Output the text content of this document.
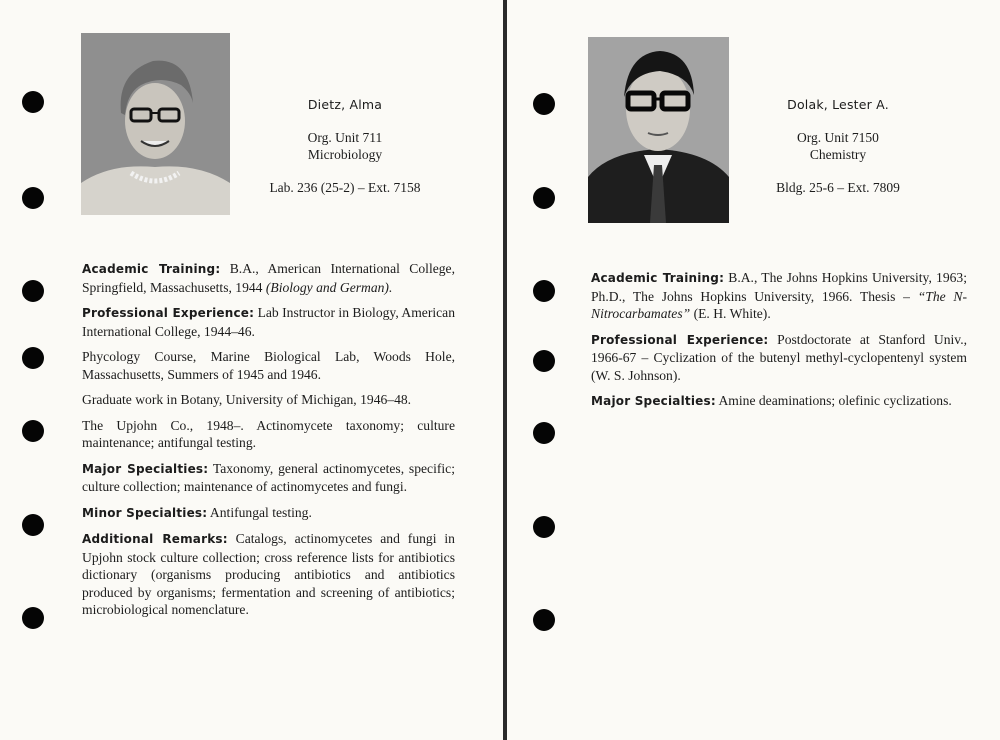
Dietz, Alma
Org. Unit 711
Microbiology
Lab. 236 (25-2) – Ext. 7158

Academic Training: B.A., American International College, Springfield, Massachusetts, 1944 (Biology and German).

Professional Experience: Lab Instructor in Biology, American International College, 1944–46.

Phycology Course, Marine Biological Lab, Woods Hole, Massachusetts, Summers of 1945 and 1946.

Graduate work in Botany, University of Michigan, 1946–48.

The Upjohn Co., 1948–. Actinomycete taxonomy; culture maintenance; antifungal testing.

Major Specialties: Taxonomy, general actinomycetes, specific; culture collection; maintenance of actinomycetes and fungi.

Minor Specialties: Antifungal testing.

Additional Remarks: Catalogs, actinomycetes and fungi in Upjohn stock culture collection; cross reference lists for antibiotics dictionary (organisms producing antibiotics and antibiotics produced by organisms; fermentation and screening of antibiotics; microbiological nomenclature.

Dolak, Lester A.
Org. Unit 7150
Chemistry
Bldg. 25-6 – Ext. 7809

Academic Training: B.A., The Johns Hopkins University, 1963; Ph.D., The Johns Hopkins University, 1966. Thesis – “The N-Nitrocarbamates” (E. H. White).

Professional Experience: Postdoctorate at Stanford Univ., 1966-67 – Cyclization of the butenyl methyl-cyclopentenyl system (W. S. Johnson).

Major Specialties: Amine deaminations; olefinic cyclizations.
